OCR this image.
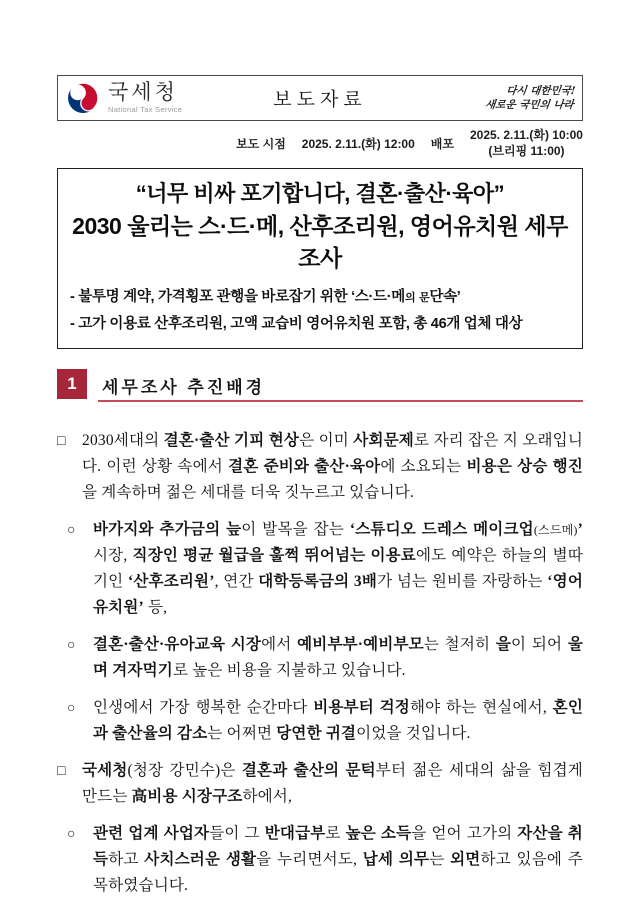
국세청
National Tax Service	보도자료	다시 대한민국!
새로운 국민의 나라
보도 시점 2025. 2.11.(화) 12:00 배포
2025. 2.11.(화) 10:00
(브리핑 11:00)
“너무 비싸 포기합니다, 결혼·출산·육아”
2030 울리는 스·드·메, 산후조리원, 영어유치원 세무조사
- 불투명 계약, 가격횡포 관행을 바로잡기 위한 ‘스·드·메의 문단속’
- 고가 이용료 산후조리원, 고액 교습비 영어유치원 포함, 총 46개 업체 대상
1	세무조사 추진배경
□	2030세대의 결혼·출산 기피 현상은 이미 사회문제로 자리 잡은 지 오래입니다. 이런 상황 속에서 결혼 준비와 출산·육아에 소요되는 비용은 상승 행진을 계속하며 젊은 세대를 더욱 짓누르고 있습니다.
○	바가지와 추가금의 늪이 발목을 잡는 ‘스튜디오 드레스 메이크업(스드메)’ 시장, 직장인 평균 월급을 훌쩍 뛰어넘는 이용료에도 예약은 하늘의 별따기인 ‘산후조리원’, 연간 대학등록금의 3배가 넘는 원비를 자랑하는 ‘영어유치원’ 등,
○	결혼·출산·유아교육 시장에서 예비부부·예비부모는 철저히 을이 되어 울며 겨자먹기로 높은 비용을 지불하고 있습니다.
○	인생에서 가장 행복한 순간마다 비용부터 걱정해야 하는 현실에서, 혼인과 출산율의 감소는 어쩌면 당연한 귀결이었을 것입니다.
□	국세청(청장 강민수)은 결혼과 출산의 문턱부터 젊은 세대의 삶을 힘겹게 만드는 高비용 시장구조하에서,
○	관련 업계 사업자들이 그 반대급부로 높은 소득을 얻어 고가의 자산을 취득하고 사치스러운 생활을 누리면서도, 납세 의무는 외면하고 있음에 주목하였습니다.
